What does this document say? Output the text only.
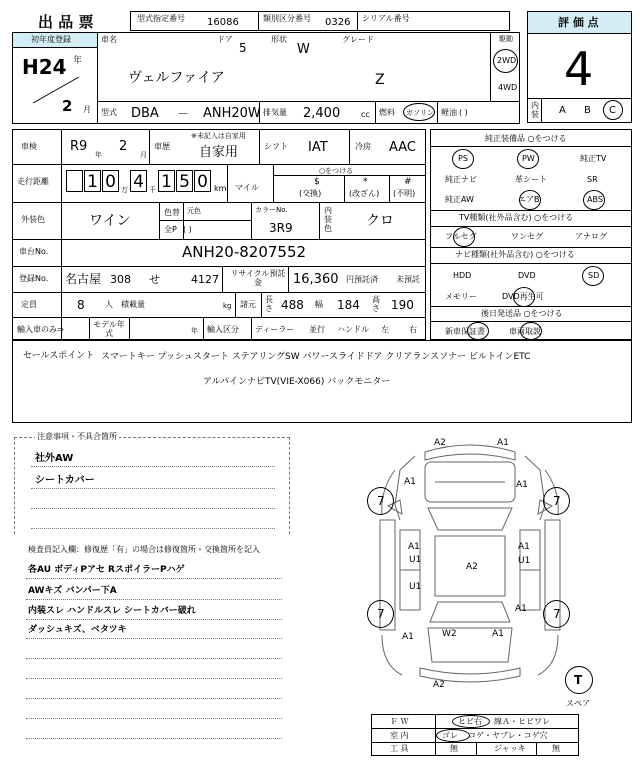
出 品 票	型式指定番号 16086	類別区分番号 0326 シリアル番号	評 価 点
4
内装 A B C
初年度登録
H24 年
2 月
車名
ヴェルファイア
ドア
5
形状
W
グレード
Z
駆動
2WD
4WD
型式 DBA － ANH20W 排気量 2,400	cc 燃料 ガソリン 軽油 ( )
車検	R9
年
2
月
車歴
※未記入は自家用
自家用	シフト IAT	冷房 AAC
走行距離 1 0 万 4 千 1 5 0 km
○をつける
マイル
$
(交換)
*
(改ざん)
#
(不明)
外装色	ワイン
色替 元色
全P ( )
カラーNo.
3R9
内装色 クロ
車台No.	ANH20-8207552
登録No. 名古屋 308 せ	4127 リサイクル預託金	16,360 円預託済 未預託
定員	8	人 積載量	kg 諸元
長さ 488 幅 184 高さ 190
輸入車のみ⇒
モデル年式	年 輸入区分 ディーラー 並行 ハンドル 左	右
純正装備品 ○をつける
PS	PW	純正TV
純正ナビ	革シート	SR
純正AW	エアB	ABS
TV種類(社外品含む) ○をつける
フルセグ	ワンセグ	アナログ
ナビ種類(社外品含む) ○をつける
HDD	DVD	SD
メモリー	DVD再生可
後日発送品 ○をつける
新車保証書	車両取説
セールスポイント スマートキー プッシュスタート ステアリングSW パワースライドドア クリアランスソナー ビルトインETC
アルパインナビTV(VIE-X066) バックモニター
注意事項・不具合箇所
社外AW
シートカバー
検査員記入欄：修復歴「有」の場合は修復箇所・交換箇所を記入
各AU ボディPアセ RスポイラーPハゲ
AWキズ バンパー下A
内装スレ ハンドルスレ シートカバー破れ
ダッシュキズ、ベタツキ
7	7
7	7
A2	A1
A1	A1
A1
U1
A2
A1
U1
U1
A1
A1
W2	A1
A2	T
スペア
Ｆ Ｗ	ヒビ右 線Ａ・ヒビワレ
室 内	ゴレ コゲ・ヤブレ・コゲ穴
工 具	無	ジャッキ	無
